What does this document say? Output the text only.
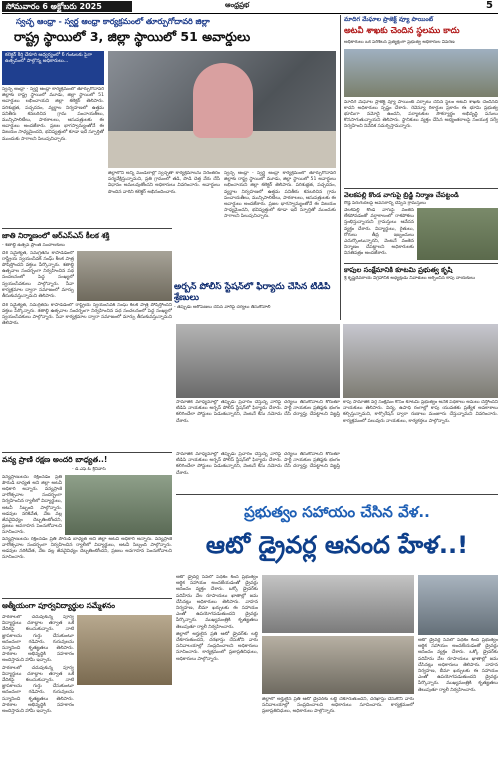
సోమవారం 6 అక్టోబరు 2025	ఆంధ్రప్రభ	5
స్వచ్ఛ ఆంధ్రా - స్వర్ణ ఆంధ్రా కార్యక్రమంలో తూర్పుగోదావరి జిల్లా
రాష్ట్ర స్థాయిలో 3, జిల్లా స్థాయిలో 51 అవార్డులు
కలెక్టర్ కీర్తి చేకూరి ఆధ్వర్యంలో 6 గంటలకు పైగా ఉత్సవంలో పాల్గొన్న అధికారులు...

స్వచ్ఛ ఆంధ్రా - స్వర్ణ ఆంధ్రా కార్యక్రమంలో తూర్పుగోదావరి జిల్లాకు రాష్ట్ర స్థాయిలో మూడు, జిల్లా స్థాయిలో 51 అవార్డులు లభించాయని జిల్లా కలెక్టర్ తెలిపారు. పరిశుభ్రత, పచ్చదనం, వ్యర్థాల నిర్వహణలో ఉత్తమ పనితీరు కనబరిచిన గ్రామ పంచాయతీలు, మున్సిపాలిటీలు, పాఠశాలలు, ఆసుపత్రులకు ఈ అవార్డులు అందజేశారు. ప్రజల భాగస్వామ్యంతోనే ఈ విజయం సాధ్యమైందని, భవిష్యత్తులో కూడా ఇదే స్ఫూర్తితో ముందుకు సాగాలని పిలుపునిచ్చారు.

జిల్లాలోని అన్ని మండలాల్లో స్వచ్ఛతా కార్యక్రమాలను నిరంతరం పర్యవేక్షిస్తున్నామని, ప్రతి గ్రామంలో తడి, పొడి చెత్త వేరు చేసే విధానం అమలవుతోందని అధికారులు వివరించారు. అవార్డులు పొందిన వారిని కలెక్టర్ అభినందించారు.

స్వచ్ఛ ఆంధ్రా - స్వర్ణ ఆంధ్రా కార్యక్రమంలో తూర్పుగోదావరి జిల్లాకు రాష్ట్ర స్థాయిలో మూడు, జిల్లా స్థాయిలో 51 అవార్డులు లభించాయని జిల్లా కలెక్టర్ తెలిపారు. పరిశుభ్రత, పచ్చదనం, వ్యర్థాల నిర్వహణలో ఉత్తమ పనితీరు కనబరిచిన గ్రామ పంచాయతీలు, మున్సిపాలిటీలు, పాఠశాలలు, ఆసుపత్రులకు ఈ అవార్డులు అందజేశారు. ప్రజల భాగస్వామ్యంతోనే ఈ విజయం సాధ్యమైందని, భవిష్యత్తులో కూడా ఇదే స్ఫూర్తితో ముందుకు సాగాలని పిలుపునిచ్చారు.

మాదిగ మేఘాల ప్రాజెక్ట్ వ్యూ పాయింట్
అటవీ శాఖకు చెందిన స్థలము కాదు
అధికారులు ఒక పరిశీలన ప్రత్యక్షంగా ప్రభుత్వ అధికారుల వివరణ

మాదిగ మేఘాల ప్రాజెక్ట్ వ్యూ పాయింట్ ఏర్పాటు చేసిన స్థలం అటవీ శాఖకు చెందినది కాదని అధికారులు స్పష్టం చేశారు. రెవెన్యూ రికార్డుల ప్రకారం ఈ భూమి ప్రభుత్వ భూమిగా నమోదై ఉందని, పర్యాటకుల సౌకర్యార్థం అభివృద్ధి పనులు కొనసాగుతున్నాయని తెలిపారు. స్థానికులు వ్యక్తం చేసిన అభ్యంతరాలపై సంయుక్త సర్వే నిర్వహించి నివేదిక సమర్పిస్తామన్నారు.

వెలకపల్లి కొండ వాగుపై బ్రిడ్జి నిర్మాణ చేపట్టండి
రోడ్ల పెరుగుదలపై అవసరాన్ని చెప్పిన గ్రామస్తులు

వెలకపల్లి కొండ వాగుపై వంతెన లేకపోవడంతో వర్షాకాలంలో రాకపోకలు స్తంభిస్తున్నాయని గ్రామస్తులు ఆవేదన వ్యక్తం చేశారు. విద్యార్థులు, రైతులు, రోగులు తీవ్ర ఇబ్బందులు ఎదుర్కొంటున్నారని, వెంటనే వంతెన నిర్మాణం చేపట్టాలని అధికారులకు వినతిపత్రం అందజేశారు.

కాపుల సంక్షేమానికి కూటమి ప్రభుత్వ కృషి
శ్రీ కృష్ణదేవరాయ విగ్రహానికి అధ్యక్షుడు నివాళులు అర్పించిన కాపు నాయకులు
జాతి నిర్మాణంలో ఆర్ఎస్ఎస్ కీలక శక్తి
- శతాబ్ది ఉత్సవ ప్రాంత సంచాలకులు

దేశ సమైక్యత, సమగ్రతను కాపాడడంలో రాష్ట్రీయ స్వయంసేవక్ సంఘ్ కీలక పాత్ర పోషిస్తోందని వక్తలు పేర్కొన్నారు. శతాబ్ది ఉత్సవాల సందర్భంగా నిర్వహించిన పథ సంచలనంలో పెద్ద సంఖ్యలో స్వయంసేవకులు పాల్గొన్నారు. సేవా కార్యక్రమాల ద్వారా సమాజంలో మార్పు తీసుకువస్తున్నామని తెలిపారు.

దేశ సమైక్యత, సమగ్రతను కాపాడడంలో రాష్ట్రీయ స్వయంసేవక్ సంఘ్ కీలక పాత్ర పోషిస్తోందని వక్తలు పేర్కొన్నారు. శతాబ్ది ఉత్సవాల సందర్భంగా నిర్వహించిన పథ సంచలనంలో పెద్ద సంఖ్యలో స్వయంసేవకులు పాల్గొన్నారు. సేవా కార్యక్రమాల ద్వారా సమాజంలో మార్పు తీసుకువస్తున్నామని తెలిపారు.

అర్బన్ పోలీస్ స్టేషన్‌లో ఫిర్యాదు చేసిన టిడిపి శ్రేణులు
- తప్పుడు ఆరోపణలు చేసిన వారిపై చర్యలు తీసుకోవాలి

సామాజిక మాధ్యమాల్లో తప్పుడు ప్రచారం చేస్తున్న వారిపై చర్యలు తీసుకోవాలని కోరుతూ టిడిపి నాయకులు అర్బన్ పోలీస్ స్టేషన్‌లో ఫిర్యాదు చేశారు. పార్టీ నాయకుల ప్రతిష్ఠకు భంగం కలిగించేలా పోస్టులు పెడుతున్నారని, వెంటనే కేసు నమోదు చేసి దర్యాప్తు చేపట్టాలని విజ్ఞప్తి చేశారు.

కాపు సామాజిక వర్గ సంక్షేమం కోసం కూటమి ప్రభుత్వం అనేక పథకాలు అమలు చేస్తోందని నాయకులు తెలిపారు. విద్య, ఉపాధి రంగాల్లో కాపు యువతకు ప్రత్యేక అవకాశాలు కల్పిస్తున్నామని, కార్పొరేషన్ ద్వారా రుణాలు మంజూరు చేస్తున్నామని వివరించారు. కార్యక్రమంలో పలువురు నాయకులు, కార్యకర్తలు పాల్గొన్నారు.

వన్య ప్రాణి రక్షణ అందరి బాధ్యత..!
- డి.ఎఫ్.ఓ శ్రీనివాస్

వన్యప్రాణులను రక్షించడం ప్రతి పౌరుడి బాధ్యత అని జిల్లా అటవీ అధికారి అన్నారు. వన్యప్రాణి వారోత్సవాల సందర్భంగా నిర్వహించిన ర్యాలీలో విద్యార్థులు, అటవీ సిబ్బంది పాల్గొన్నారు. అడవుల నరికివేత, వేట వల్ల జీవవైవిధ్యం దెబ్బతింటోందని, ప్రజలు అవగాహన పెంచుకోవాలని సూచించారు.

వన్యప్రాణులను రక్షించడం ప్రతి పౌరుడి బాధ్యత అని జిల్లా అటవీ అధికారి అన్నారు. వన్యప్రాణి వారోత్సవాల సందర్భంగా నిర్వహించిన ర్యాలీలో విద్యార్థులు, అటవీ సిబ్బంది పాల్గొన్నారు. అడవుల నరికివేత, వేట వల్ల జీవవైవిధ్యం దెబ్బతింటోందని, ప్రజలు అవగాహన పెంచుకోవాలని సూచించారు.

ఆత్మీయంగా పూర్వవిద్యార్థుల సమ్మేళనం

పాఠశాలలో చదువుకున్న పూర్వ విద్యార్థులు దశాబ్దాల తర్వాత ఒకే వేదికపై కలుసుకున్నారు. నాటి జ్ఞాపకాలను గుర్తు చేసుకుంటూ ఆనందంగా గడిపారు. గురువులను సన్మానించి కృతజ్ఞతలు తెలిపారు. పాఠశాల అభివృద్ధికి సహకారం అందిస్తామని హామీ ఇచ్చారు.

పాఠశాలలో చదువుకున్న పూర్వ విద్యార్థులు దశాబ్దాల తర్వాత ఒకే వేదికపై కలుసుకున్నారు. నాటి జ్ఞాపకాలను గుర్తు చేసుకుంటూ ఆనందంగా గడిపారు. గురువులను సన్మానించి కృతజ్ఞతలు తెలిపారు. పాఠశాల అభివృద్ధికి సహకారం అందిస్తామని హామీ ఇచ్చారు.

సామాజిక మాధ్యమాల్లో తప్పుడు ప్రచారం చేస్తున్న వారిపై చర్యలు తీసుకోవాలని కోరుతూ టిడిపి నాయకులు అర్బన్ పోలీస్ స్టేషన్‌లో ఫిర్యాదు చేశారు. పార్టీ నాయకుల ప్రతిష్ఠకు భంగం కలిగించేలా పోస్టులు పెడుతున్నారని, వెంటనే కేసు నమోదు చేసి దర్యాప్తు చేపట్టాలని విజ్ఞప్తి చేశారు.

ప్రభుత్వం సహాయం చేసిన వేళ..
ఆటో డ్రైవర్ల ఆనంద హేళ..!

ఆటో డ్రైవర్ల సేవలో పథకం కింద ప్రభుత్వం ఆర్థిక సహాయం అందజేయడంతో డ్రైవర్లు ఆనందం వ్యక్తం చేశారు. ఒక్కో డ్రైవర్‌కు పదిహేను వేల రూపాయలు ఖాతాల్లో జమ చేసినట్లు అధికారులు తెలిపారు. వాహన నిర్వహణ, బీమా ఖర్చులకు ఈ సహాయం ఎంతో ఉపయోగపడుతుందని డ్రైవర్లు పేర్కొన్నారు. ముఖ్యమంత్రికి కృతజ్ఞతలు తెలుపుతూ ర్యాలీ నిర్వహించారు.

జిల్లాలో అర్హులైన ప్రతి ఆటో డ్రైవర్‌కు లబ్ధి చేకూరుతుందని, దరఖాస్తు చేసుకోని వారు సచివాలయాల్లో సంప్రదించాలని అధికారులు సూచించారు. కార్యక్రమంలో ప్రజాప్రతినిధులు, అధికారులు పాల్గొన్నారు.

జిల్లాలో అర్హులైన ప్రతి ఆటో డ్రైవర్‌కు లబ్ధి చేకూరుతుందని, దరఖాస్తు చేసుకోని వారు సచివాలయాల్లో సంప్రదించాలని అధికారులు సూచించారు. కార్యక్రమంలో ప్రజాప్రతినిధులు, అధికారులు పాల్గొన్నారు.

ఆటో డ్రైవర్ల సేవలో పథకం కింద ప్రభుత్వం ఆర్థిక సహాయం అందజేయడంతో డ్రైవర్లు ఆనందం వ్యక్తం చేశారు. ఒక్కో డ్రైవర్‌కు పదిహేను వేల రూపాయలు ఖాతాల్లో జమ చేసినట్లు అధికారులు తెలిపారు. వాహన నిర్వహణ, బీమా ఖర్చులకు ఈ సహాయం ఎంతో ఉపయోగపడుతుందని డ్రైవర్లు పేర్కొన్నారు. ముఖ్యమంత్రికి కృతజ్ఞతలు తెలుపుతూ ర్యాలీ నిర్వహించారు.
